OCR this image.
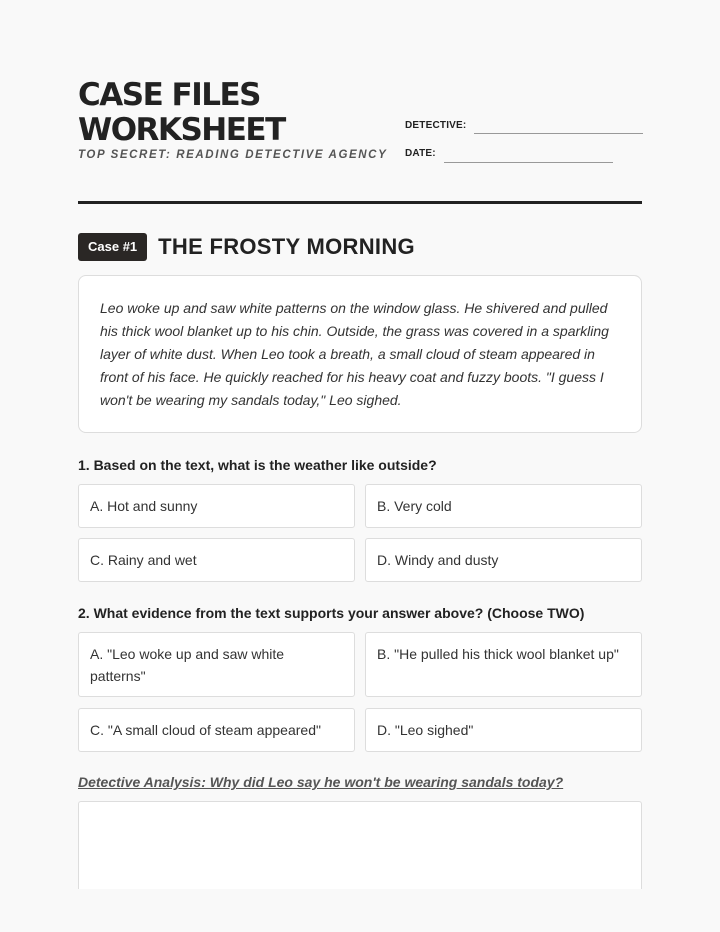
CASE FILES
WORKSHEET
TOP SECRET: READING DETECTIVE AGENCY
DETECTIVE:
DATE:
Case #1 THE FROSTY MORNING

Leo woke up and saw white patterns on the window glass. He shivered and pulled his thick wool blanket up to his chin. Outside, the grass was covered in a sparkling layer of white dust. When Leo took a breath, a small cloud of steam appeared in front of his face. He quickly reached for his heavy coat and fuzzy boots. "I guess I won't be wearing my sandals today," Leo sighed.

1. Based on the text, what is the weather like outside?
A. Hot and sunny	B. Very cold
C. Rainy and wet	D. Windy and dusty
2. What evidence from the text supports your answer above? (Choose TWO)
A. "Leo woke up and saw white patterns"
B. "He pulled his thick wool blanket up"
C. "A small cloud of steam appeared"	D. "Leo sighed"
Detective Analysis: Why did Leo say he won't be wearing sandals today?
